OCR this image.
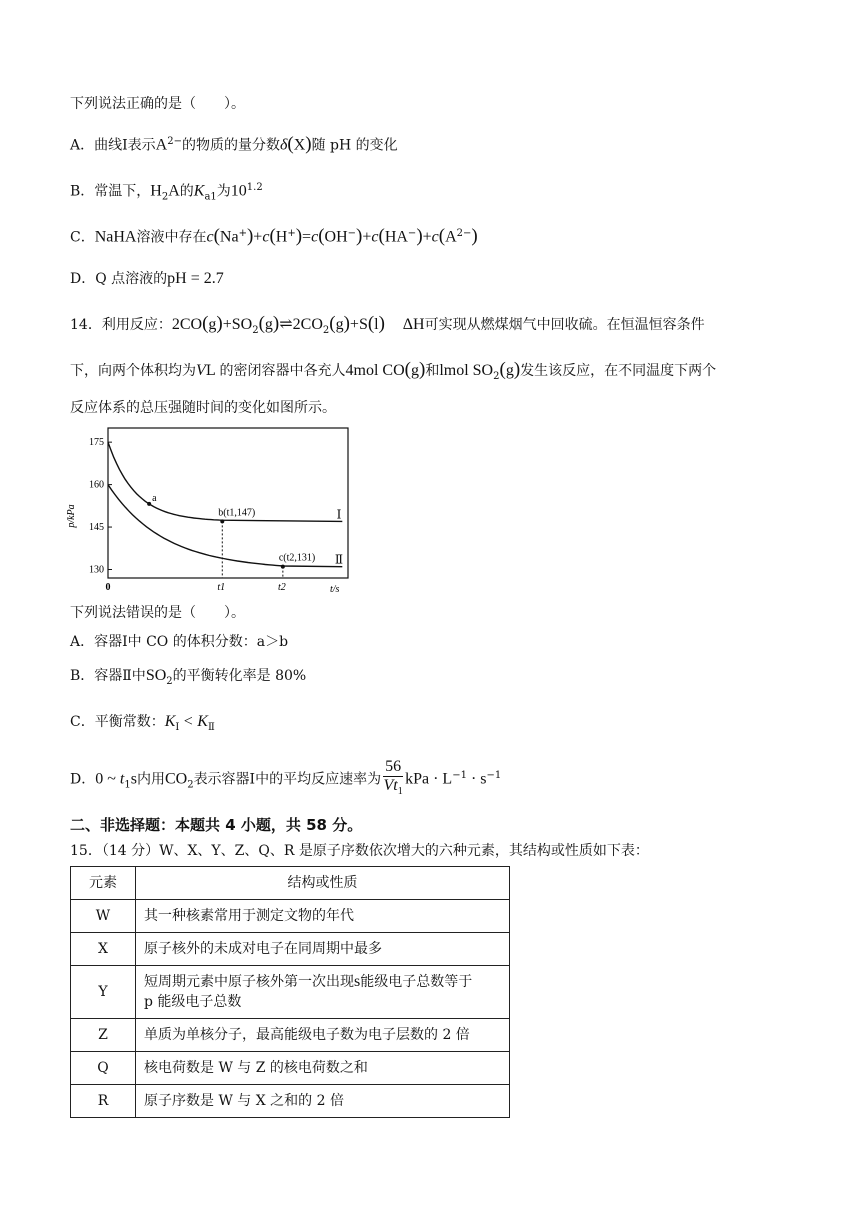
下列说法正确的是（　　）。
A．曲线Ⅰ表示$A^{2-}$的物质的量分数δ(X)随 pH 的变化
B．常温下，$H_2A$的$K_{a1}$为$10^{1.2}$
C．NaHA溶液中存在$c(Na^+)+c(H^+)=c(OH^-)+c(HA^-)+c(A^{2-})$
D．Q 点溶液的pH = 2.7
14．利用反应：$2CO(g)+SO_2(g)\rightleftharpoons 2CO_2(g)+S(l)$ ΔH可实现从燃煤烟气中回收硫。在恒温恒容条件
下，向两个体积均为VL 的密闭容器中各充人4mol CO(g)和lmol $SO_2(g)$发生该反应，在不同温度下两个
反应体系的总压强随时间的变化如图所示。
130
145
160
175
0	t1	t2
Ⅰ
Ⅱ
a
b(t1,147)
c(t2,131)
p/kPa
t/s
下列说法错误的是（　　）。
A．容器Ⅰ中 CO 的体积分数：a＞b
B．容器Ⅱ中$SO_2$的平衡转化率是 80%
C．平衡常数：$K_Ⅰ < K_Ⅱ$
D．0 ~ $t_1s$内用$CO_2$表示容器Ⅰ中的平均反应速率为 $\frac{56}{Vt_1}$ kPa · $L^{-1} \cdot s^{-1}$
二、非选择题：本题共 4 小题，共 58 分。
15．（14 分）W、X、Y、Z、Q、R 是原子序数依次增大的六种元素，其结构或性质如下表：
元素	结构或性质
W	其一种核素常用于测定文物的年代
X	原子核外的未成对电子在同周期中最多
Y	短周期元素中原子核外第一次出现s能级电子总数等于
p 能级电子总数
Z	单质为单核分子，最高能级电子数为电子层数的 2 倍
Q	核电荷数是 W 与 Z 的核电荷数之和
R	原子序数是 W 与 X 之和的 2 倍
